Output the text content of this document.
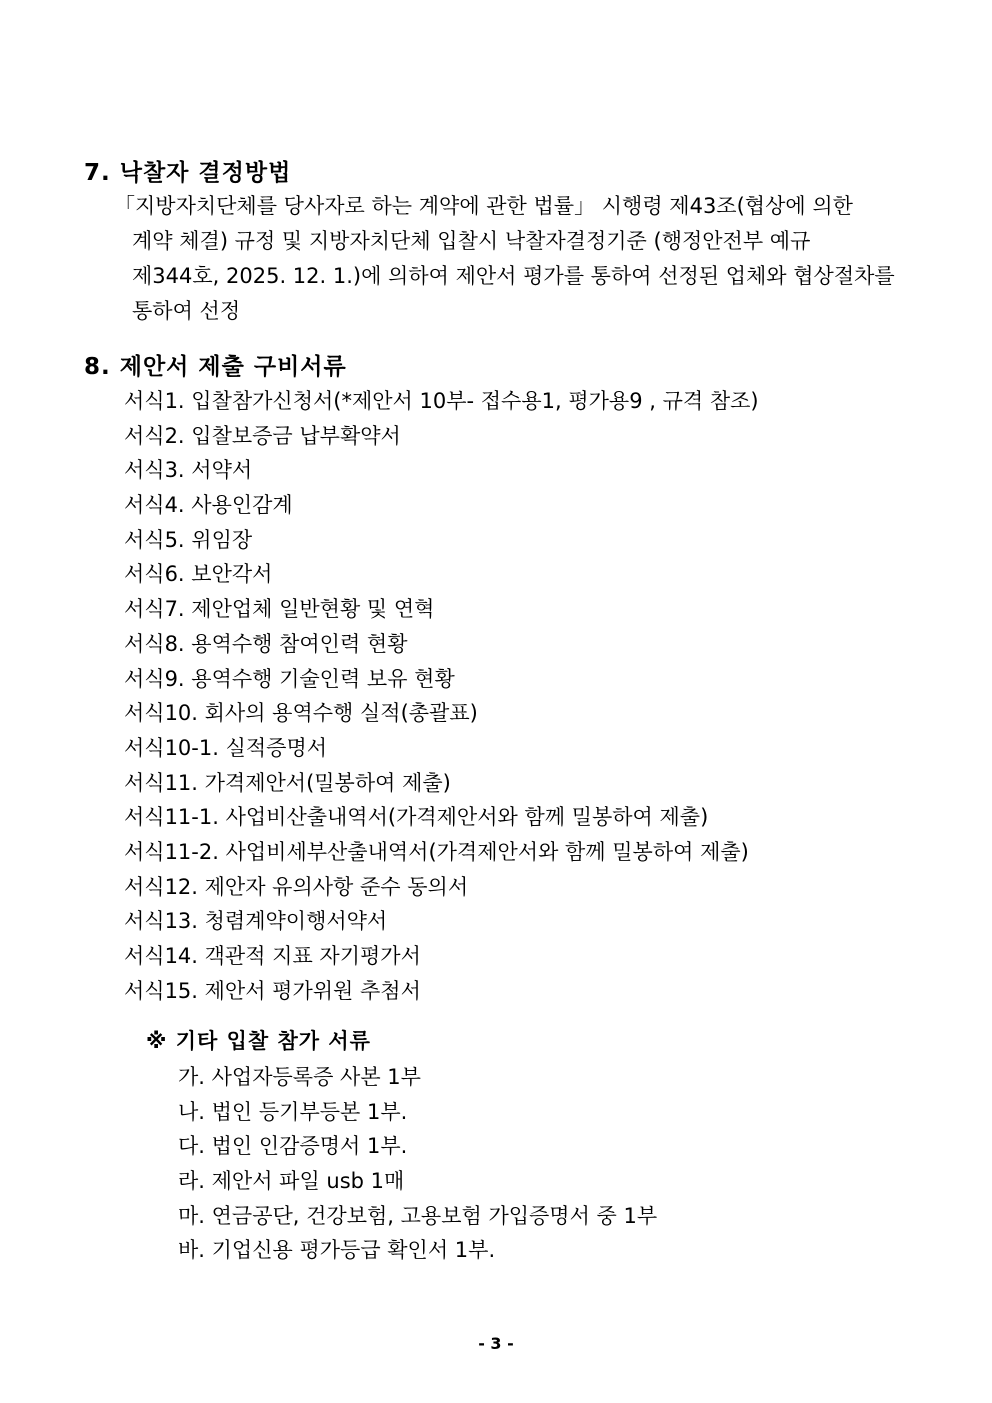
7. 낙찰자 결정방법
「지방자치단체를 당사자로 하는 계약에 관한 법률」 시행령 제43조(협상에 의한
계약 체결) 규정 및 지방자치단체 입찰시 낙찰자결정기준 (행정안전부 예규
제344호, 2025. 12. 1.)에 의하여 제안서 평가를 통하여 선정된 업체와 협상절차를
통하여 선정
8. 제안서 제출 구비서류
서식1. 입찰참가신청서(*제안서 10부- 접수용1, 평가용9 , 규격 참조)
서식2. 입찰보증금 납부확약서
서식3. 서약서
서식4. 사용인감계
서식5. 위임장
서식6. 보안각서
서식7. 제안업체 일반현황 및 연혁
서식8. 용역수행 참여인력 현황
서식9. 용역수행 기술인력 보유 현황
서식10. 회사의 용역수행 실적(총괄표)
서식10-1. 실적증명서
서식11. 가격제안서(밀봉하여 제출)
서식11-1. 사업비산출내역서(가격제안서와 함께 밀봉하여 제출)
서식11-2. 사업비세부산출내역서(가격제안서와 함께 밀봉하여 제출)
서식12. 제안자 유의사항 준수 동의서
서식13. 청렴계약이행서약서
서식14. 객관적 지표 자기평가서
서식15. 제안서 평가위원 추첨서
※ 기타 입찰 참가 서류
가. 사업자등록증 사본 1부
나. 법인 등기부등본 1부.
다. 법인 인감증명서 1부.
라. 제안서 파일 usb 1매
마. 연금공단, 건강보험, 고용보험 가입증명서 중 1부
바. 기업신용 평가등급 확인서 1부.
- 3 -
